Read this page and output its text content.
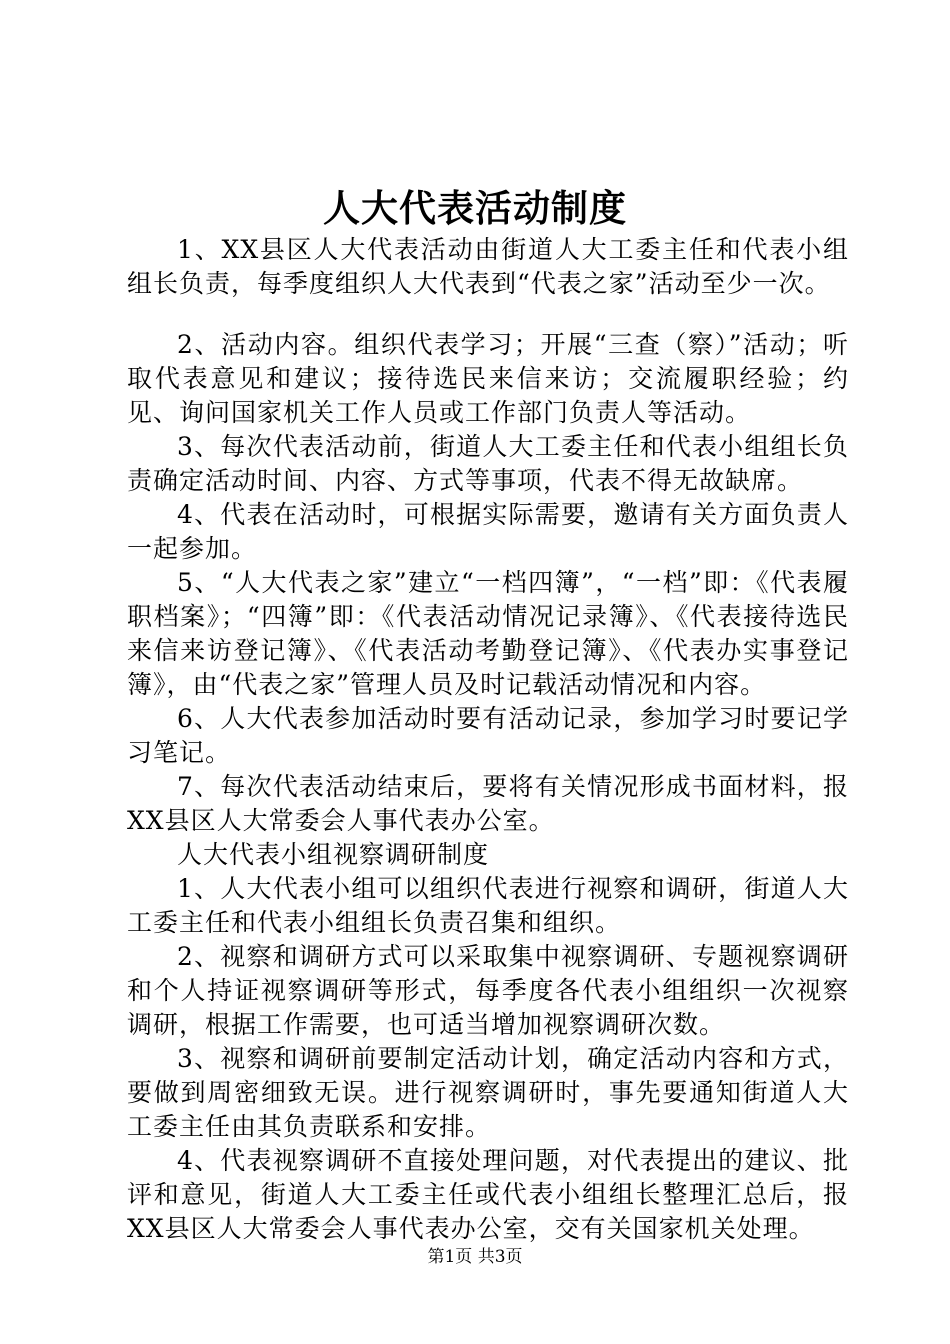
人大代表活动制度

1、XX县区人大代表活动由街道人大工委主任和代表小组组长负责，每季度组织人大代表到“代表之家”活动至少一次。

2、活动内容。组织代表学习；开展“三查（察）”活动；听取代表意见和建议；接待选民来信来访；交流履职经验；约见、询问国家机关工作人员或工作部门负责人等活动。

3、每次代表活动前，街道人大工委主任和代表小组组长负责确定活动时间、内容、方式等事项，代表不得无故缺席。

4、代表在活动时，可根据实际需要，邀请有关方面负责人一起参加。

5、“人大代表之家”建立“一档四簿”，“一档”即：《代表履职档案》；“四簿”即：《代表活动情况记录簿》、《代表接待选民来信来访登记簿》、《代表活动考勤登记簿》、《代表办实事登记簿》，由“代表之家”管理人员及时记载活动情况和内容。

6、人大代表参加活动时要有活动记录，参加学习时要记学习笔记。

7、每次代表活动结束后，要将有关情况形成书面材料，报XX县区人大常委会人事代表办公室。

人大代表小组视察调研制度

1、人大代表小组可以组织代表进行视察和调研，街道人大工委主任和代表小组组长负责召集和组织。

2、视察和调研方式可以采取集中视察调研、专题视察调研和个人持证视察调研等形式，每季度各代表小组组织一次视察调研，根据工作需要，也可适当增加视察调研次数。

3、视察和调研前要制定活动计划，确定活动内容和方式，要做到周密细致无误。进行视察调研时，事先要通知街道人大工委主任由其负责联系和安排。

4、代表视察调研不直接处理问题，对代表提出的建议、批评和意见，街道人大工委主任或代表小组组长整理汇总后，报XX县区人大常委会人事代表办公室，交有关国家机关处理。

第1页 共3页
